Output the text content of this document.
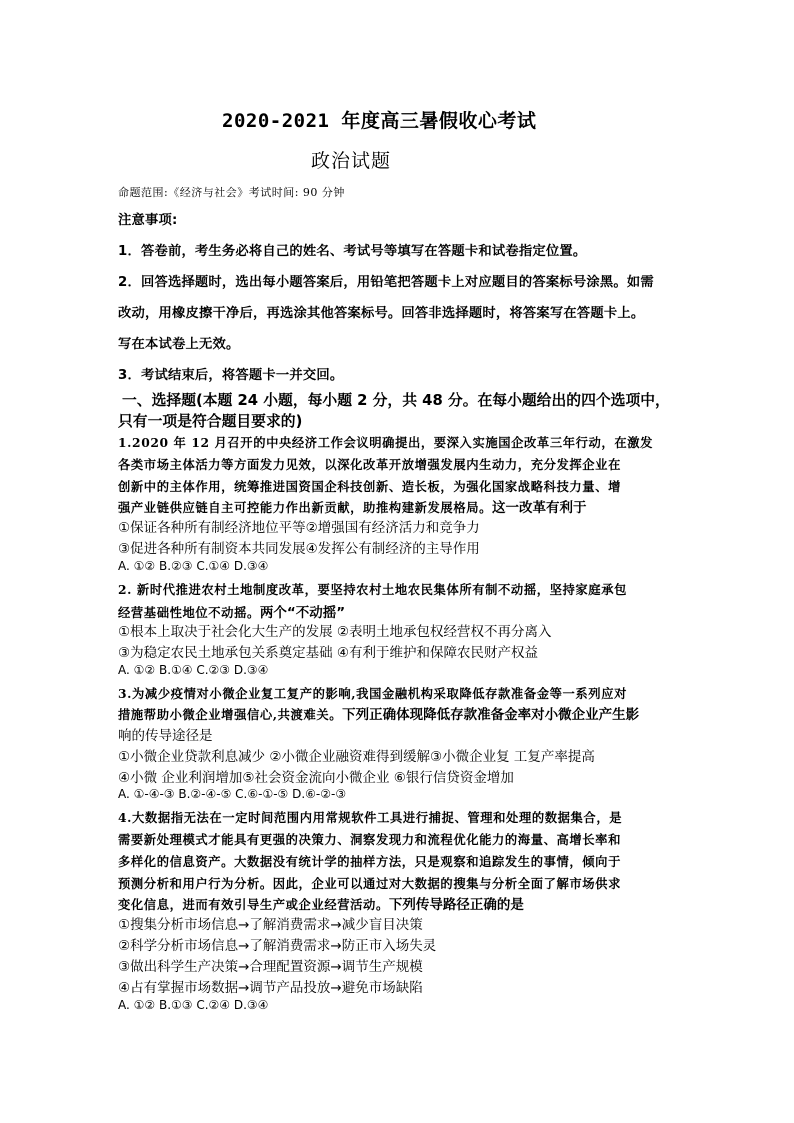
2020-2021 年度高三暑假收心考试

政治试题

命题范围:《经济与社会》考试时间: 90 分钟

注意事项:

1．答卷前，考生务必将自己的姓名、考试号等填写在答题卡和试卷指定位置。

2．回答选择题时，选出每小题答案后，用铅笔把答题卡上对应题目的答案标号涂黑。如需

改动，用橡皮擦干净后，再选涂其他答案标号。回答非选择题时，将答案写在答题卡上。

写在本试卷上无效。

3．考试结束后，将答题卡一并交回。

一、选择题(本题 24 小题，每小题 2 分，共 48 分。在每小题给出的四个选项中，

只有一项是符合题目要求的)

1.2020 年 12 月召开的中央经济工作会议明确提出，要深入实施国企改革三年行动，在激发

各类市场主体活力等方面发力见效，以深化改革开放增强发展内生动力，充分发挥企业在

创新中的主体作用，统筹推进国资国企科技创新、造长板，为强化国家战略科技力量、增

强产业链供应链自主可控能力作出新贡献，助推构建新发展格局。这一改革有利于

①保证各种所有制经济地位平等②增强国有经济活力和竞争力

③促进各种所有制资本共同发展④发挥公有制经济的主导作用

A. ①② B.②③ C.①④ D.③④

2. 新时代推进农村土地制度改革，要坚持农村土地农民集体所有制不动摇，坚持家庭承包

经营基础性地位不动摇。两个“不动摇”

①根本上取决于社会化大生产的发展 ②表明土地承包权经营权不再分离入

③为稳定农民土地承包关系奠定基础 ④有利于维护和保障农民财产权益

A. ①② B.①④ C.②③ D.③④

3.为减少疫情对小微企业复工复产的影响,我国金融机构采取降低存款准备金等一系列应对

措施帮助小微企业增强信心,共渡难关。下列正确体现降低存款准备金率对小微企业产生影

响的传导途径是

①小微企业贷款利息减少 ②小微企业融资难得到缓解③小微企业复 工复产率提高

④小微 企业利润增加⑤社会资金流向小微企业 ⑥银行信贷资金增加

A. ①-④-③ B.②-④-⑤ C.⑥-①-⑤ D.⑥-②-③

4.大数据指无法在一定时间范围内用常规软件工具进行捕捉、管理和处理的数据集合，是

需要新处理模式才能具有更强的决策力、洞察发现力和流程优化能力的海量、高增长率和

多样化的信息资产。大数据没有统计学的抽样方法，只是观察和追踪发生的事情，倾向于

预测分析和用户行为分析。因此，企业可以通过对大数据的搜集与分析全面了解市场供求

变化信息，进而有效引导生产或企业经营活动。下列传导路径正确的是

①搜集分析市场信息→了解消费需求→减少盲目决策

②科学分析市场信息→了解消费需求→防正市入场失灵

③做出科学生产决策→合理配置资源→调节生产规模

④占有掌握市场数据→调节产品投放→避免市场缺陷

A. ①② B.①③ C.②④ D.③④
